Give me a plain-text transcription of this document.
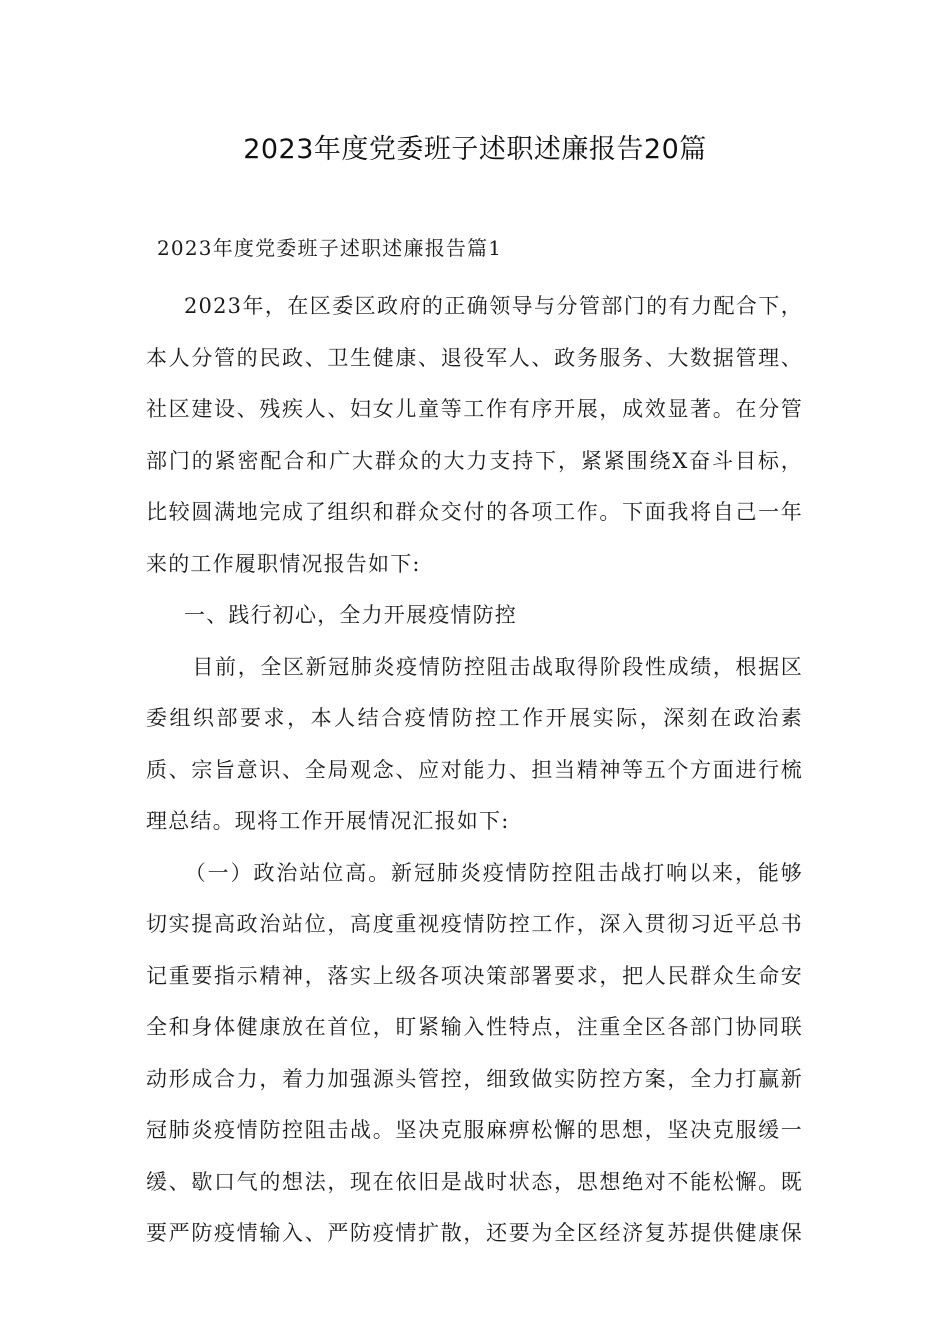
2023年度党委班子述职述廉报告20篇
2023年度党委班子述职述廉报告篇1

2023年，在区委区政府的正确领导与分管部门的有力配合下，
本人分管的民政、卫生健康、退役军人、政务服务、大数据管理、
社区建设、残疾人、妇女儿童等工作有序开展，成效显著。在分管
部门的紧密配合和广大群众的大力支持下，紧紧围绕X奋斗目标，
比较圆满地完成了组织和群众交付的各项工作。下面我将自己一年
来的工作履职情况报告如下:

一、践行初心，全力开展疫情防控

目前，全区新冠肺炎疫情防控阻击战取得阶段性成绩，根据区
委组织部要求，本人结合疫情防控工作开展实际，深刻在政治素
质、宗旨意识、全局观念、应对能力、担当精神等五个方面进行梳
理总结。现将工作开展情况汇报如下:

（一）政治站位高。新冠肺炎疫情防控阻击战打响以来，能够
切实提高政治站位，高度重视疫情防控工作，深入贯彻习近平总书
记重要指示精神，落实上级各项决策部署要求，把人民群众生命安
全和身体健康放在首位，盯紧输入性特点，注重全区各部门协同联
动形成合力，着力加强源头管控，细致做实防控方案，全力打赢新
冠肺炎疫情防控阻击战。坚决克服麻痹松懈的思想，坚决克服缓一
缓、歇口气的想法，现在依旧是战时状态，思想绝对不能松懈。既
要严防疫情输入、严防疫情扩散，还要为全区经济复苏提供健康保
